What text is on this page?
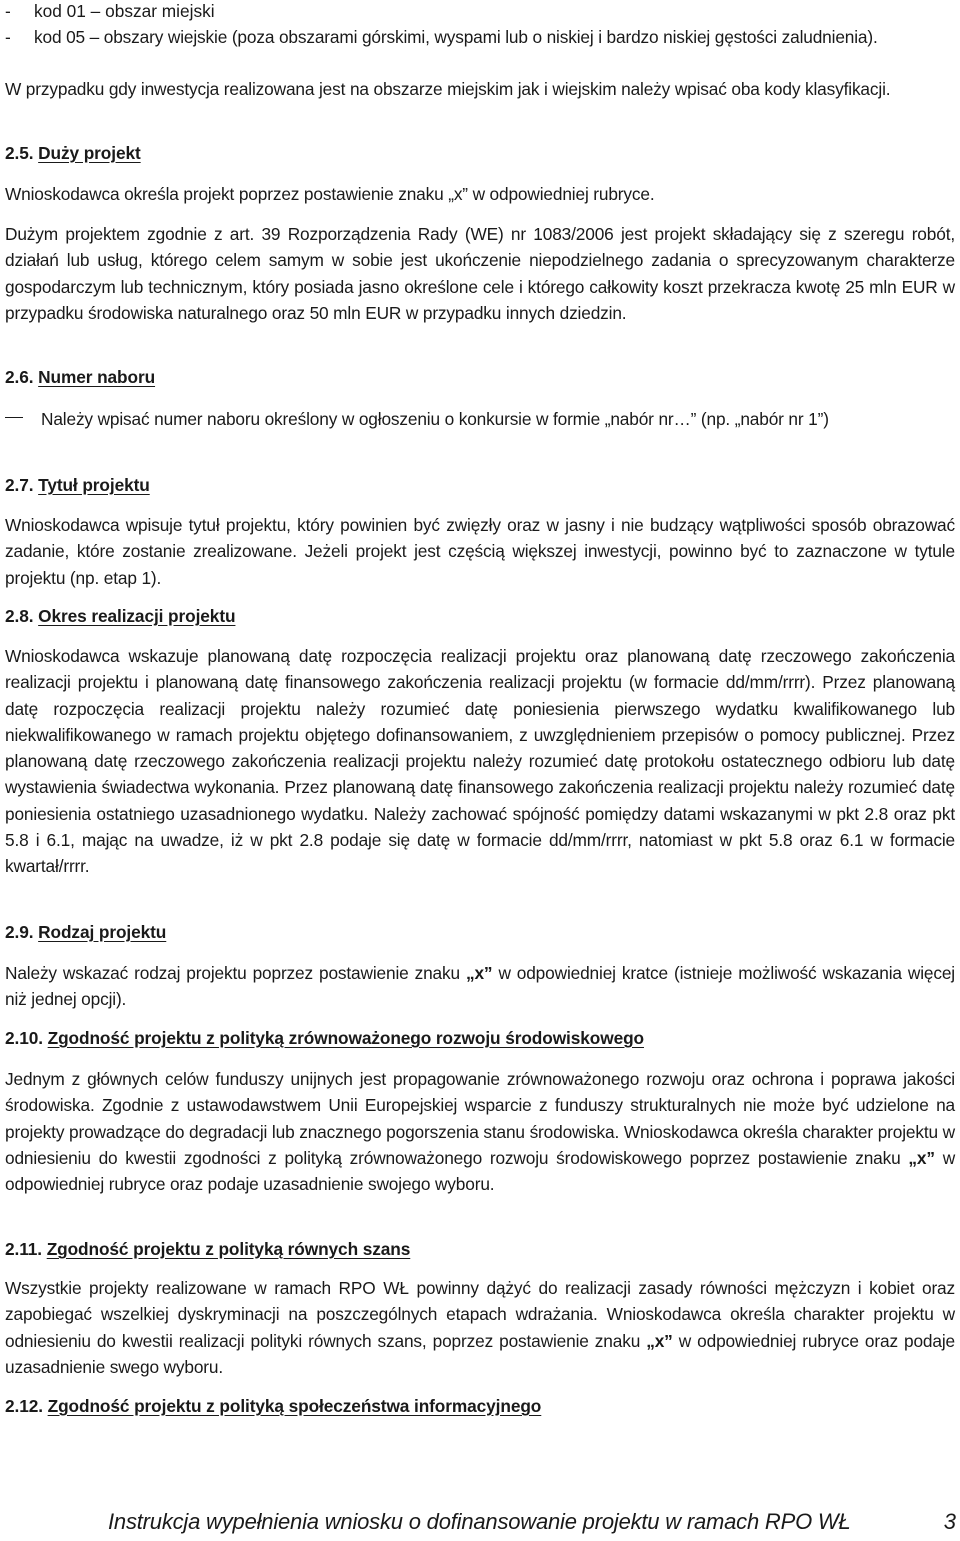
- kod 01 – obszar miejski
- kod 05 – obszary wiejskie (poza obszarami górskimi, wyspami lub o niskiej i bardzo niskiej gęstości zaludnienia).
W przypadku gdy inwestycja realizowana jest na obszarze miejskim jak i wiejskim należy wpisać oba kody klasyfikacji.
2.5. Duży projekt
Wnioskodawca określa projekt poprzez postawienie znaku „x” w odpowiedniej rubryce.
Dużym projektem zgodnie z art. 39 Rozporządzenia Rady (WE) nr 1083/2006 jest projekt składający się z szeregu robót, działań lub usług, którego celem samym w sobie jest ukończenie niepodzielnego zadania o sprecyzowanym charakterze gospodarczym lub technicznym, który posiada jasno określone cele i którego całkowity koszt przekracza kwotę 25 mln EUR w przypadku środowiska naturalnego oraz 50 mln EUR w przypadku innych dziedzin.
2.6. Numer naboru
Należy wpisać numer naboru określony w ogłoszeniu o konkursie w formie „nabór nr…” (np. „nabór nr 1”)
2.7. Tytuł projektu
Wnioskodawca wpisuje tytuł projektu, który powinien być zwięzły oraz w jasny i nie budzący wątpliwości sposób obrazować zadanie, które zostanie zrealizowane. Jeżeli projekt jest częścią większej inwestycji, powinno być to zaznaczone w tytule projektu (np. etap 1).
2.8. Okres realizacji projektu
Wnioskodawca wskazuje planowaną datę rozpoczęcia realizacji projektu oraz planowaną datę rzeczowego zakończenia realizacji projektu i planowaną datę finansowego zakończenia realizacji projektu (w formacie dd/mm/rrrr). Przez planowaną datę rozpoczęcia realizacji projektu należy rozumieć datę poniesienia pierwszego wydatku kwalifikowanego lub niekwalifikowanego w ramach projektu objętego dofinansowaniem, z uwzględnieniem przepisów o pomocy publicznej. Przez planowaną datę rzeczowego zakończenia realizacji projektu należy rozumieć datę protokołu ostatecznego odbioru lub datę wystawienia świadectwa wykonania. Przez planowaną datę finansowego zakończenia realizacji projektu należy rozumieć datę poniesienia ostatniego uzasadnionego wydatku. Należy zachować spójność pomiędzy datami wskazanymi w pkt 2.8 oraz pkt 5.8 i 6.1, mając na uwadze, iż w pkt 2.8 podaje się datę w formacie dd/mm/rrrr, natomiast w pkt 5.8 oraz 6.1 w formacie kwartał/rrrr.
2.9. Rodzaj projektu
Należy wskazać rodzaj projektu poprzez postawienie znaku „x” w odpowiedniej kratce (istnieje możliwość wskazania więcej niż jednej opcji).
2.10. Zgodność projektu z polityką zrównoważonego rozwoju środowiskowego
Jednym z głównych celów funduszy unijnych jest propagowanie zrównoważonego rozwoju oraz ochrona i poprawa jakości środowiska. Zgodnie z ustawodawstwem Unii Europejskiej wsparcie z funduszy strukturalnych nie może być udzielone na projekty prowadzące do degradacji lub znacznego pogorszenia stanu środowiska. Wnioskodawca określa charakter projektu w odniesieniu do kwestii zgodności z polityką zrównoważonego rozwoju środowiskowego poprzez postawienie znaku „x” w odpowiedniej rubryce oraz podaje uzasadnienie swojego wyboru.
2.11. Zgodność projektu z polityką równych szans
Wszystkie projekty realizowane w ramach RPO WŁ powinny dążyć do realizacji zasady równości mężczyzn i kobiet oraz zapobiegać wszelkiej dyskryminacji na poszczególnych etapach wdrażania. Wnioskodawca określa charakter projektu w odniesieniu do kwestii realizacji polityki równych szans, poprzez postawienie znaku „x” w odpowiedniej rubryce oraz podaje uzasadnienie swego wyboru.
2.12. Zgodność projektu z polityką społeczeństwa informacyjnego
Instrukcja wypełnienia wniosku o dofinansowanie projektu w ramach RPO WŁ	3
